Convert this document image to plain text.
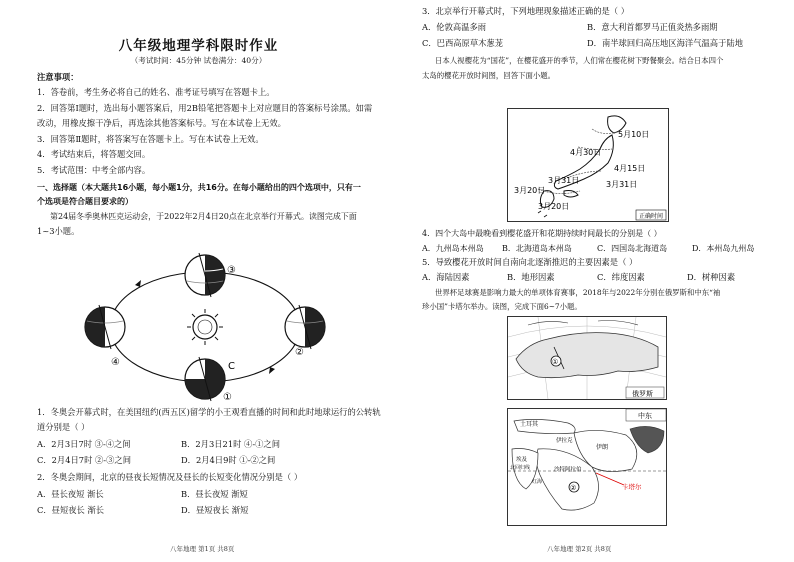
八年级地理学科限时作业
（考试时间：45分钟 试卷满分：40分）
注意事项：
1．答卷前，考生务必将自己的姓名、准考证号填写在答题卡上。
2．回答第Ⅰ题时，选出每小题答案后，用2B铅笔把答题卡上对应题目的答案标号涂黑。如需
改动，用橡皮擦干净后，再选涂其他答案标号。写在本试卷上无效。
3．回答第Ⅱ题时，将答案写在答题卡上。写在本试卷上无效。
4．考试结束后，将答题交回。
5．考试范围：中考全部内容。
一、选择题（本大题共16小题，每小题1分，共16分。在每小题给出的四个选项中，只有一
个选项是符合题目要求的）
第24届冬季奥林匹克运动会，于2022年2月4日20点在北京举行开幕式。读图完成下面
1~3小题。
③
②
①
④	C
1．冬奥会开幕式时，在美国纽约(西五区)留学的小王观看直播的时间和此时地球运行的公转轨
道分别是（ ）
A．2月3日7时 ③-④之间	B．2月3日21时 ④-①之间
C．2月4日7时 ②-③之间	D．2月4日9时 ①-②之间
2．冬奥会期间，北京的昼夜长短情况及昼长的长短变化情况分别是（ ）
A．昼长夜短 渐长	B．昼长夜短 渐短
C．昼短夜长 渐长	D．昼短夜长 渐短
八年地理 第1页 共8页
3．北京举行开幕式时，下列地理现象描述正确的是（ ）
A．伦敦高温多雨	B．意大利首都罗马正值炎热多雨期
C．巴西高原草木葱茏	D．南半球回归高压地区海洋气温高于陆地
日本人视樱花为“国花”，在樱花盛开的季节，人们常在樱花树下野餐聚会。结合日本四个
太岛的樱花开放时间图，回答下面小题。
5月10日
4月30日
4月15日
3月31日	3月31日
3月20日
3月20日
正确时间
4．四个大岛中最晚看到樱花盛开和花期持续时间最长的分别是（ ）
A．九州岛本州岛 B．北海道岛本州岛	C．四国岛北海道岛	D．本州岛九州岛
5．导致樱花开放时间自南向北逐渐推迟的主要因素是（ ）
A．海陆因素	B．地形因素	C．纬度因素	D．树种因素
世界杯足球赛是影响力最大的单项体育赛事，2018年与2022年分别在俄罗斯和中东“袖
珍小国”卡塔尔举办。读图，完成下面6~7小题。
①
俄罗斯
中东
土耳其
伊拉克
伊朗
沙特阿拉伯
埃及
红海
北回归线
②	卡塔尔
八年地理 第2页 共8页
